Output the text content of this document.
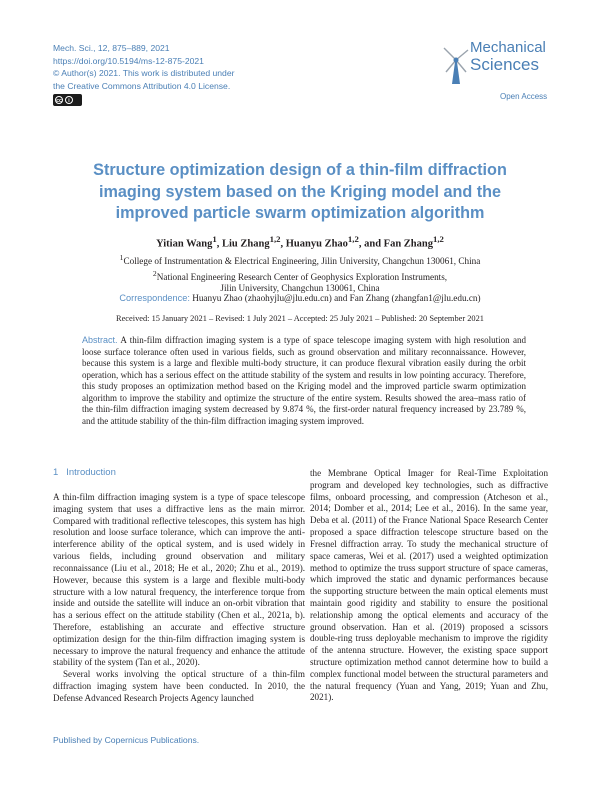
Mech. Sci., 12, 875–889, 2021
https://doi.org/10.5194/ms-12-875-2021
© Author(s) 2021. This work is distributed under
the Creative Commons Attribution 4.0 License.
cc	i
Mechanical
Sciences
Open Access
Structure optimization design of a thin-film diffraction imaging system based on the Kriging model and the improved particle swarm optimization algorithm
Yitian Wang$^1$, Liu Zhang$^{1,2}$, Huanyu Zhao$^{1,2}$, and Fan Zhang$^{1,2}$
$^1$College of Instrumentation & Electrical Engineering, Jilin University, Changchun 130061, China
$^2$National Engineering Research Center of Geophysics Exploration Instruments,
Jilin University, Changchun 130061, China
Correspondence: Huanyu Zhao (zhaohyjlu@jlu.edu.cn) and Fan Zhang (zhangfan1@jlu.edu.cn)
Received: 15 January 2021 – Revised: 1 July 2021 – Accepted: 25 July 2021 – Published: 20 September 2021
Abstract. A thin-film diffraction imaging system is a type of space telescope imaging system with high resolution and loose surface tolerance often used in various fields, such as ground observation and military reconnaissance. However, because this system is a large and flexible multi-body structure, it can produce flexural vibration easily during the orbit operation, which has a serious effect on the attitude stability of the system and results in low pointing accuracy. Therefore, this study proposes an optimization method based on the Kriging model and the improved particle swarm optimization algorithm to improve the stability and optimize the structure of the entire system. Results showed the area–mass ratio of the thin-film diffraction imaging system decreased by 9.874 %, the first-order natural frequency increased by 23.789 %, and the attitude stability of the thin-film diffraction imaging system improved.
1 Introduction

A thin-film diffraction imaging system is a type of space telescope imaging system that uses a diffractive lens as the main mirror. Compared with traditional reflective telescopes, this system has high resolution and loose surface tolerance, which can improve the anti-interference ability of the optical system, and is used widely in various fields, including ground observation and military reconnaissance (Liu et al., 2018; He et al., 2020; Zhu et al., 2019). However, because this system is a large and flexible multi-body structure with a low natural frequency, the interference torque from inside and outside the satellite will induce an on-orbit vibration that has a serious effect on the attitude stability (Chen et al., 2021a, b). Therefore, establishing an accurate and effective structure optimization design for the thin-film diffraction imaging system is necessary to improve the natural frequency and enhance the attitude stability of the system (Tan et al., 2020).

Several works involving the optical structure of a thin-film diffraction imaging system have been conducted. In 2010, the Defense Advanced Research Projects Agency launched

the Membrane Optical Imager for Real-Time Exploitation program and developed key technologies, such as diffractive films, onboard processing, and compression (Atcheson et al., 2014; Domber et al., 2014; Lee et al., 2016). In the same year, Deba et al. (2011) of the France National Space Research Center proposed a space diffraction telescope structure based on the Fresnel diffraction array. To study the mechanical structure of space cameras, Wei et al. (2017) used a weighted optimization method to optimize the truss support structure of space cameras, which improved the static and dynamic performances because the supporting structure between the main optical elements must maintain good rigidity and stability to ensure the positional relationship among the optical elements and accuracy of the ground observation. Han et al. (2019) proposed a scissors double-ring truss deployable mechanism to improve the rigidity of the antenna structure. However, the existing space support structure optimization method cannot determine how to build a complex functional model between the structural parameters and the natural frequency (Yuan and Yang, 2019; Yuan and Zhu, 2021).

Published by Copernicus Publications.
